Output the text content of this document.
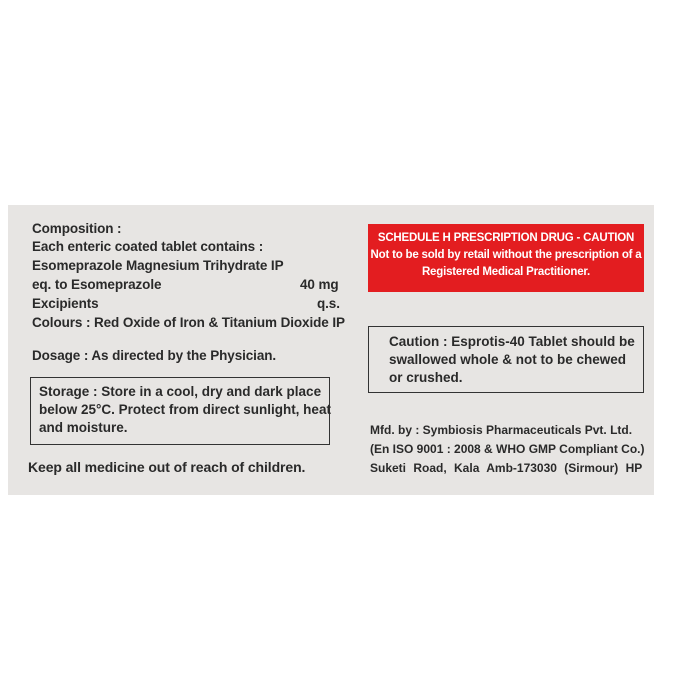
Composition :
Each enteric coated tablet contains :
Esomeprazole Magnesium Trihydrate IP
eq. to Esomeprazole	40 mg
Excipients	q.s.
Colours : Red Oxide of Iron & Titanium Dioxide IP
Dosage : As directed by the Physician.
Storage : Store in a cool, dry and dark place
below 25°C. Protect from direct sunlight, heat
and moisture.
Keep all medicine out of reach of children.
SCHEDULE H PRESCRIPTION DRUG - CAUTION
Not to be sold by retail without the prescription of a
Registered Medical Practitioner.
Caution : Esprotis-40 Tablet should be
swallowed whole & not to be chewed
or crushed.
Mfd. by : Symbiosis Pharmaceuticals Pvt. Ltd.
(En ISO 9001 : 2008 & WHO GMP Compliant Co.)
Suketi Road, Kala Amb-173030 (Sirmour) HP
